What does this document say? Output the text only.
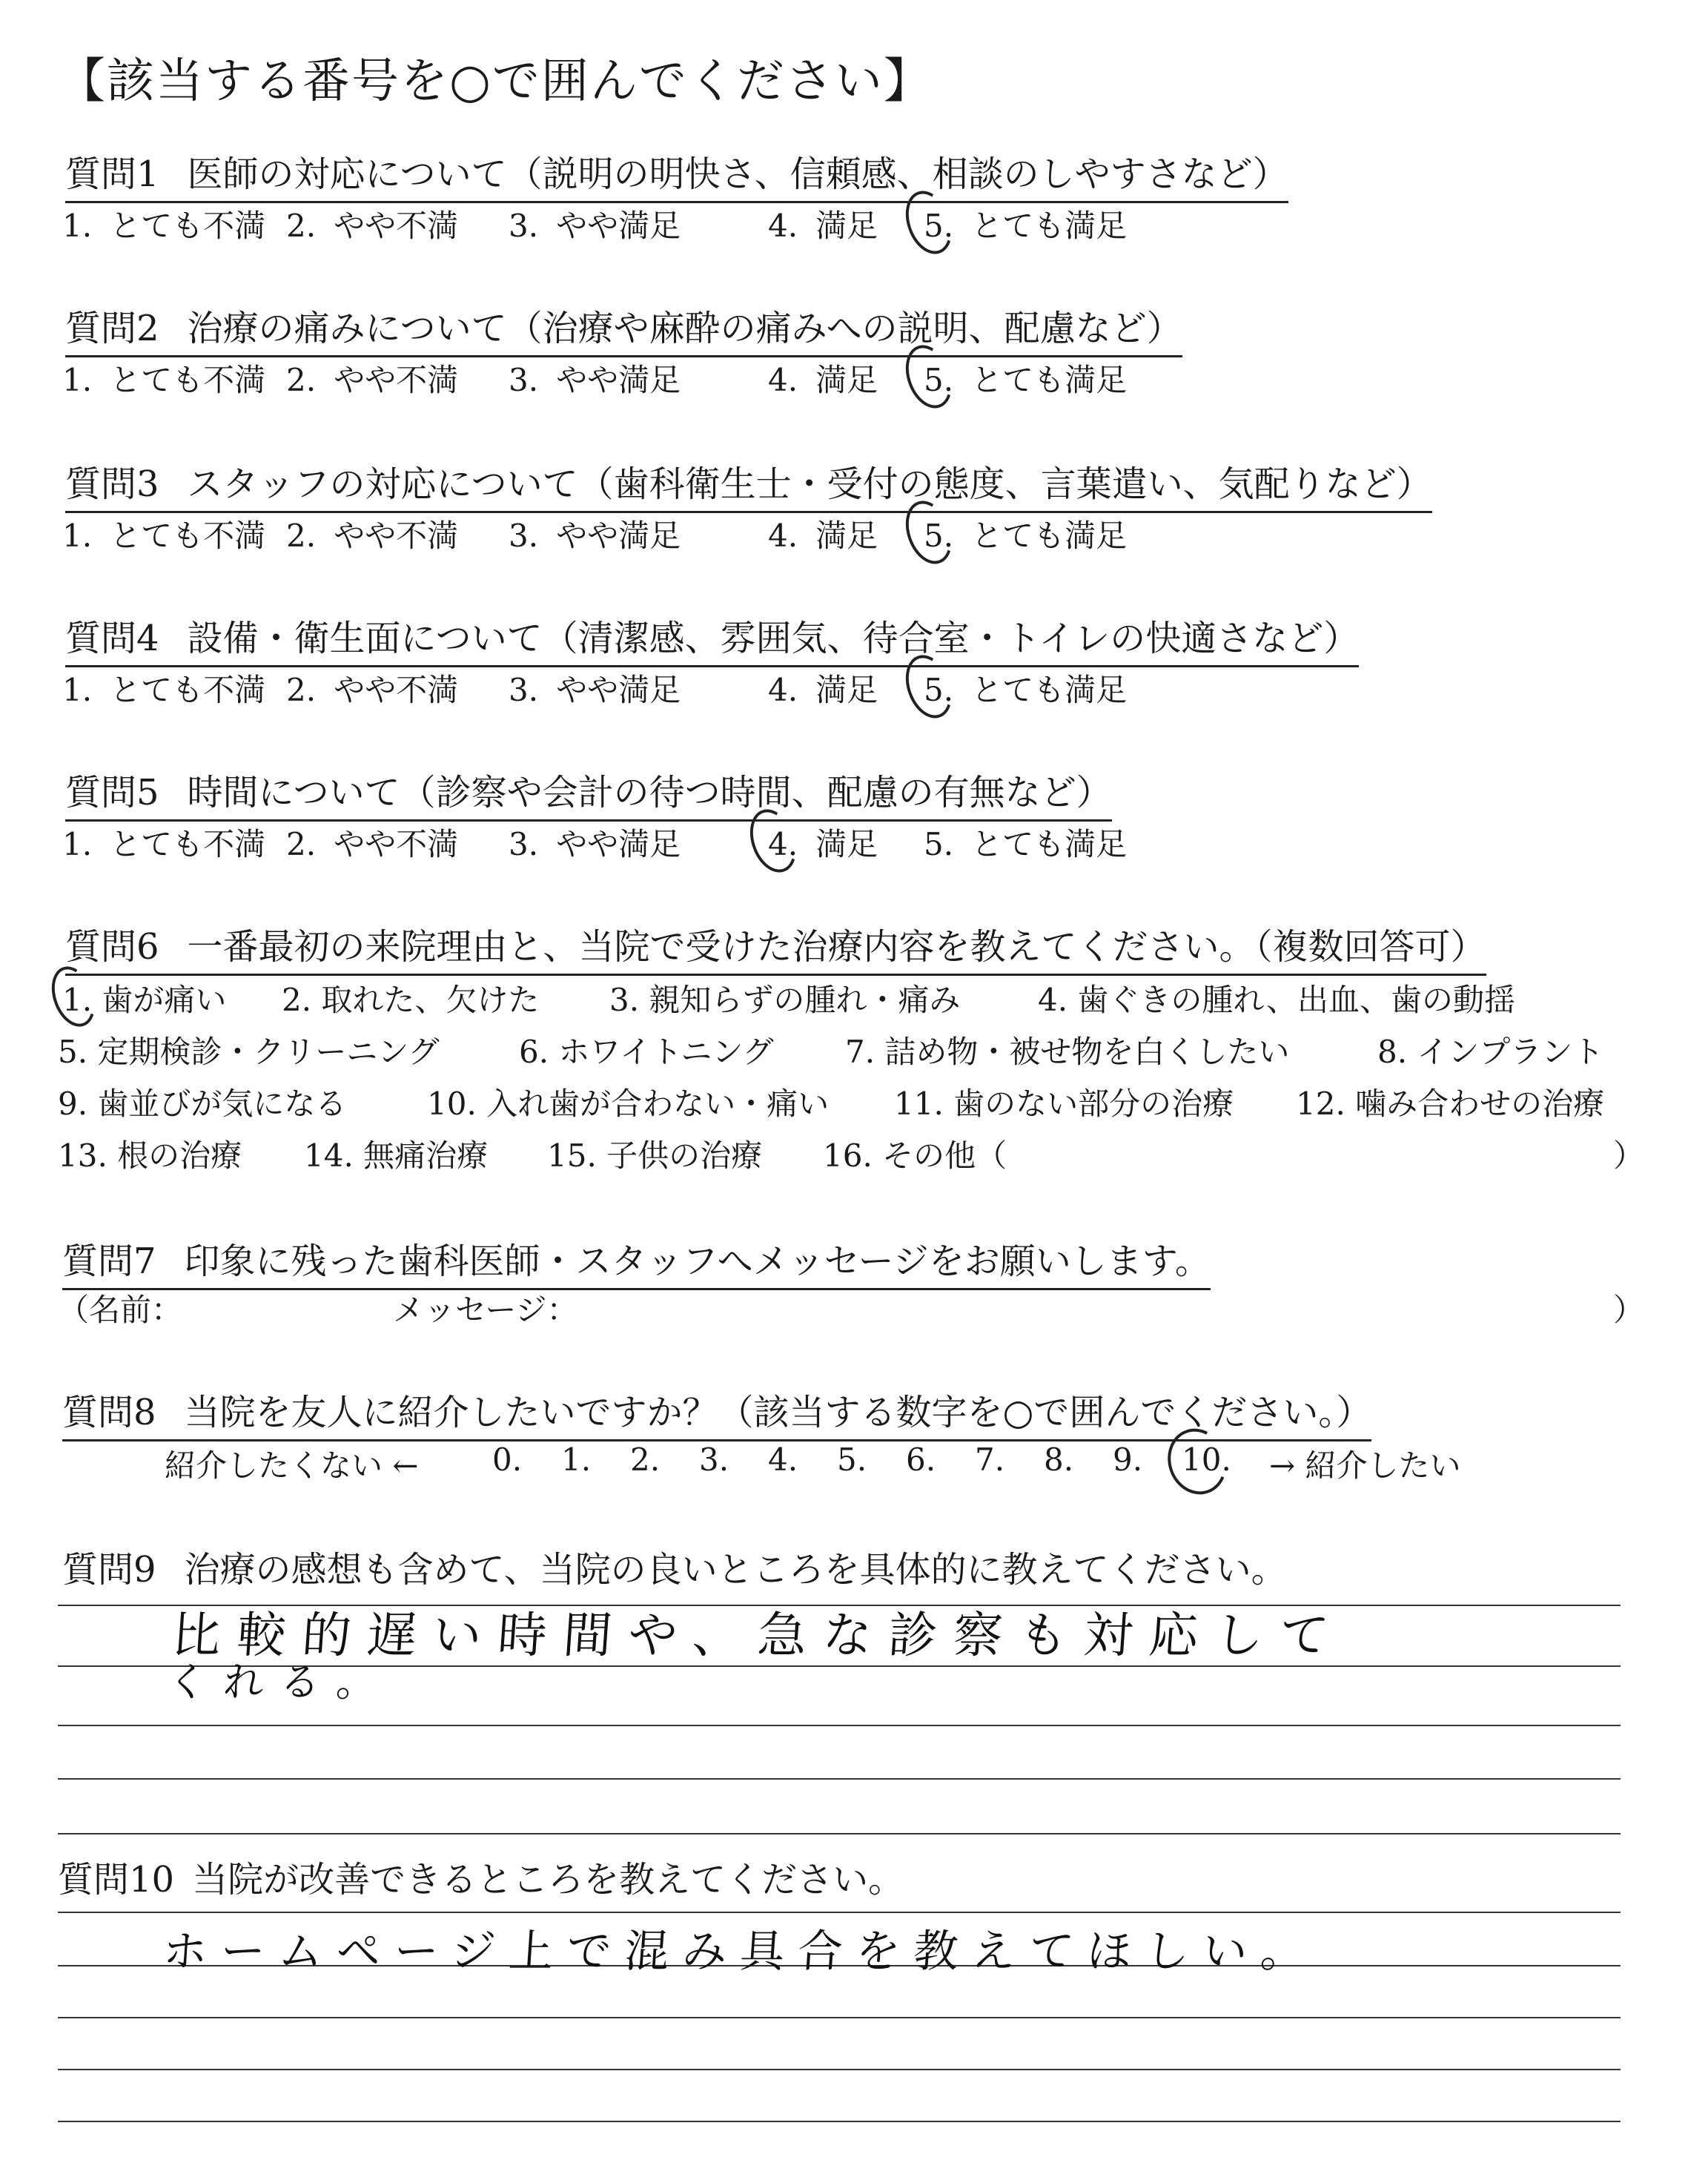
【該当する番号を○で囲んでください】
質問1 医師の対応について（説明の明快さ、信頼感、相談のしやすさなど）
1. とても不満 2. やや不満 3. やや満足	4. 満足 5. とても満足
質問2 治療の痛みについて（治療や麻酔の痛みへの説明、配慮など）
1. とても不満 2. やや不満 3. やや満足	4. 満足 5. とても満足
質問3 スタッフの対応について（歯科衛生士・受付の態度、言葉遣い、気配りなど）
1. とても不満 2. やや不満 3. やや満足	4. 満足 5. とても満足
質問4 設備・衛生面について（清潔感、雰囲気、待合室・トイレの快適さなど）
1. とても不満 2. やや不満 3. やや満足	4. 満足 5. とても満足
質問5 時間について（診察や会計の待つ時間、配慮の有無など）
1. とても不満 2. やや不満 3. やや満足	4. 満足 5. とても満足
質問6 一番最初の来院理由と、当院で受けた治療内容を教えてください。（複数回答可）
1. 歯が痛い 2. 取れた、欠けた 3. 親知らずの腫れ・痛み 4. 歯ぐきの腫れ、出血、歯の動揺
5. 定期検診・クリーニング	6. ホワイトニング 7. 詰め物・被せ物を白くしたい	8. インプラント
9. 歯並びが気になる	10. 入れ歯が合わない・痛い 11. 歯のない部分の治療 12. 噛み合わせの治療
13. 根の治療 14. 無痛治療 15. 子供の治療 16. その他（	）
質問7 印象に残った歯科医師・スタッフへメッセージをお願いします。
（名前：	メッセージ：	）
質問8 当院を友人に紹介したいですか？（該当する数字を○で囲んでください。）
紹介したくない ← 0. 1. 2. 3. 4. 5. 6. 7. 8. 9. 10. → 紹介したい
質問9 治療の感想も含めて、当院の良いところを具体的に教えてください。
比較的遅い時間や、急な診察も対応して
くれる。
質問10 当院が改善できるところを教えてください。
ホームページ上で混み具合を教えてほしい。
